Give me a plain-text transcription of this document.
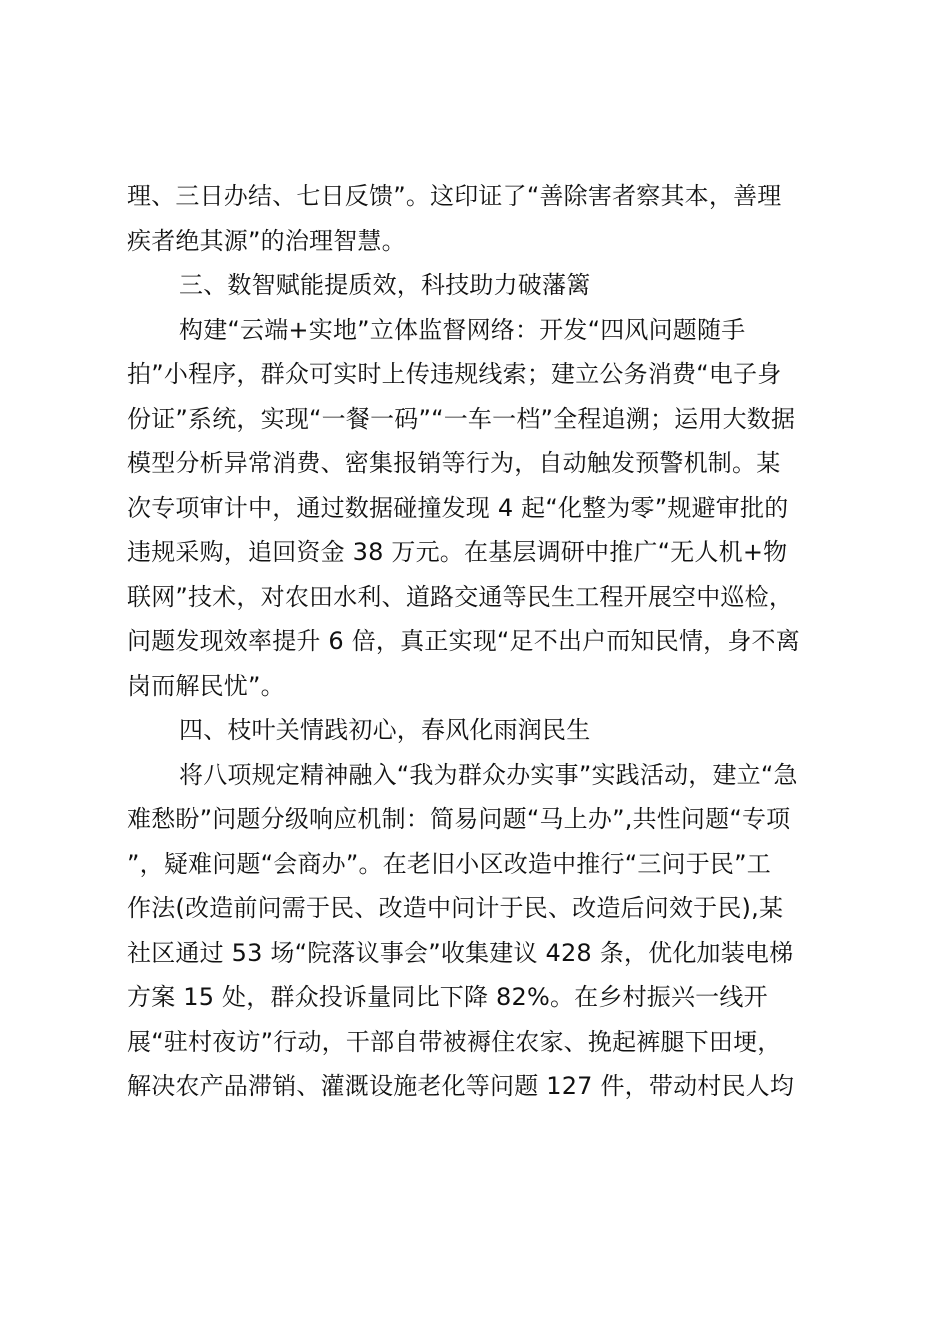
理、三日办结、七日反馈”。这印证了“善除害者察其本，善理
疾者绝其源”的治理智慧。
三、数智赋能提质效，科技助力破藩篱
构建“云端+实地”立体监督网络：开发“四风问题随手
拍”小程序，群众可实时上传违规线索；建立公务消费“电子身
份证”系统，实现“一餐一码”“一车一档”全程追溯；运用大数据
模型分析异常消费、密集报销等行为，自动触发预警机制。某
次专项审计中，通过数据碰撞发现 4 起“化整为零”规避审批的
违规采购，追回资金 38 万元。在基层调研中推广“无人机+物
联网”技术，对农田水利、道路交通等民生工程开展空中巡检，
问题发现效率提升 6 倍，真正实现“足不出户而知民情，身不离
岗而解民忧”。
四、枝叶关情践初心，春风化雨润民生
将八项规定精神融入“我为群众办实事”实践活动，建立“急
难愁盼”问题分级响应机制：简易问题“马上办”,共性问题“专项
”，疑难问题“会商办”。在老旧小区改造中推行“三问于民”工
作法(改造前问需于民、改造中问计于民、改造后问效于民),某
社区通过 53 场“院落议事会”收集建议 428 条，优化加装电梯
方案 15 处，群众投诉量同比下降 82%。在乡村振兴一线开
展“驻村夜访”行动，干部自带被褥住农家、挽起裤腿下田埂，
解决农产品滞销、灌溉设施老化等问题 127 件，带动村民人均
